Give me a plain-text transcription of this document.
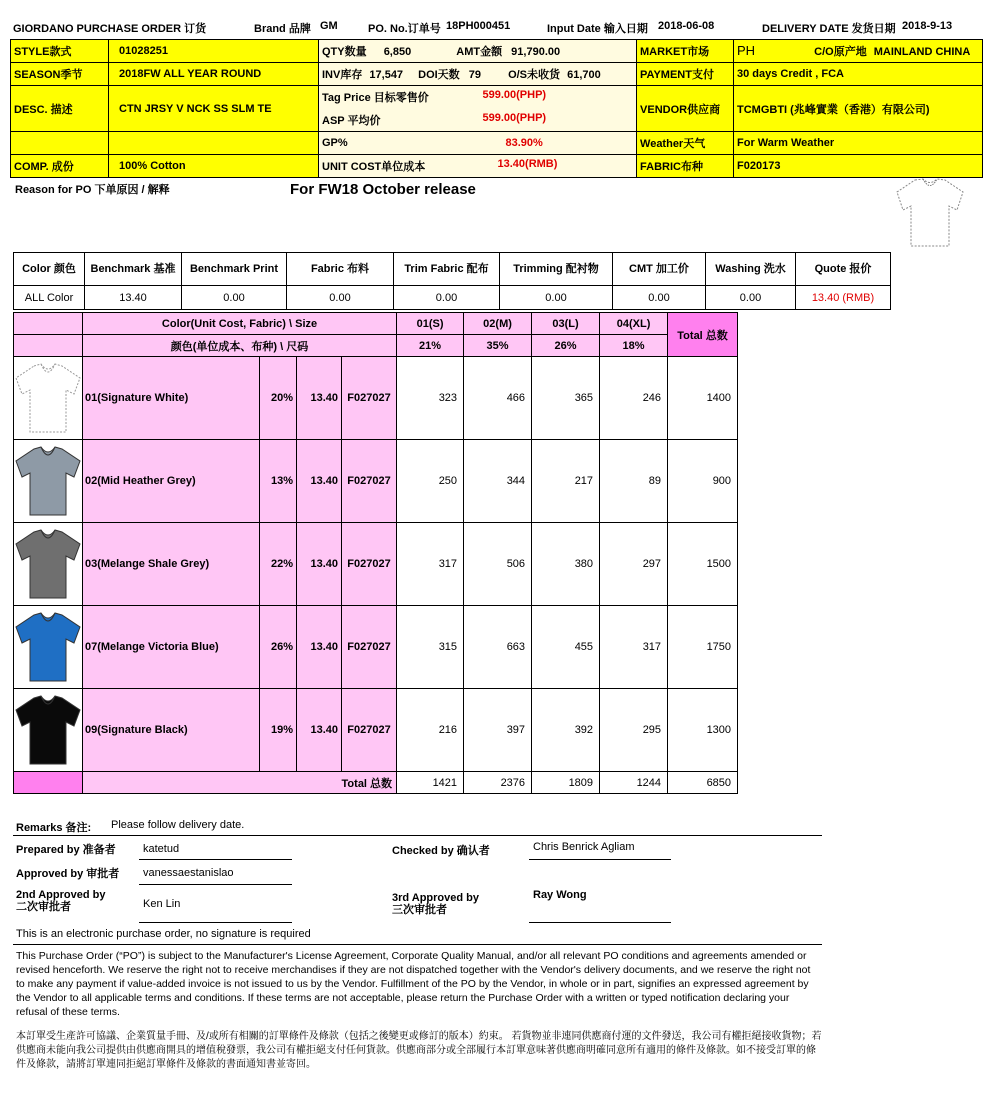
GIORDANO PURCHASE ORDER 订货	Brand 品牌 GM	PO. No.订单号 18PH000451	Input Date 输入日期 2018-06-08	DELIVERY DATE 发货日期 2018-9-13
STYLE款式	01028251	QTY数量 6,850 AMT金额 91,790.00	MARKET市场	PH C/O原产地 MAINLAND CHINA
SEASON季节	2018FW ALL YEAR ROUND	INV库存 17,547 DOI天数 79 O/S未收货 61,700	PAYMENT支付	30 days Credit , FCA
DESC. 描述	CTN JRSY V NCK SS SLM TE	Tag Price 目标零售价 599.00(PHP)	VENDOR供应商	TCMGBTI (兆峰實業（香港）有限公司)
		ASP 平均价 599.00(PHP)		

		GP% 83.90%	Weather天气	For Warm Weather
COMP. 成份	100% Cotton	UNIT COST单位成本 13.40(RMB)	FABRIC布种	F020173
Reason for PO 下单原因 / 解释	For FW18 October release
Color 颜色	Benchmark 基准	Benchmark Print	Fabric 布料	Trim Fabric 配布	Trimming 配衬物	CMT 加工价	Washing 洗水	Quote 报价
ALL Color	13.40	0.00	0.00	0.00	0.00	0.00	0.00	13.40 (RMB)
	Color(Unit Cost, Fabric) \ Size				01(S)	02(M)	03(L)	04(XL)	Total 总数
	颜色(单位成本、布种) \ 尺码				21%	35%	26%	18%	

	01(Signature White)	20%	13.40	F027027	323	466	365	246	1400

	02(Mid Heather Grey)	13%	13.40	F027027	250	344	217	89	900

	03(Melange Shale Grey)	22%	13.40	F027027	317	506	380	297	1500

	07(Melange Victoria Blue)	26%	13.40	F027027	315	663	455	317	1750

	09(Signature Black)	19%	13.40	F027027	216	397	392	295	1300
	Total 总数				1421	2376	1809	1244	6850
Remarks 备注: Please follow delivery date.
Prepared by 准备者 katetud	Checked by 确认者	Chris Benrick Agliam
Approved by 审批者 vanessaestanislao
2nd Approved by
二次审批者	Ken Lin	3rd Approved by
三次审批者
Ray Wong
This is an electronic purchase order, no signature is required
This Purchase Order (“PO”) is subject to the Manufacturer's License Agreement, Corporate Quality Manual, and/or all relevant PO conditions and agreements amended or revised henceforth. We reserve the right not to receive merchandises if they are not dispatched together with the Vendor's delivery documents, and we reserve the right not to make any payment if value-added invoice is not issued to us by the Vendor. Fulfillment of the PO by the Vendor, in whole or in part, signifies an expressed agreement by the Vendor to all applicable terms and conditions. If these terms are not acceptable, please return the Purchase Order with a written or typed notification declaring your refusal of these terms.
本訂單受生產許可協議、企業質量手冊、及/或所有相關的訂單條件及條款（包括之後變更或修訂的版本）約束。 若貨物並非連同供應商付運的文件發送，我公司有權拒絕接收貨物；若供應商未能向我公司提供由供應商開具的增值稅發票，我公司有權拒絕支付任何貨款。供應商部分或全部履行本訂單意味著供應商明確同意所有適用的條件及條款。如不接受訂單的條件及條款，請將訂單連同拒絕訂單條件及條款的書面通知書並寄回。
